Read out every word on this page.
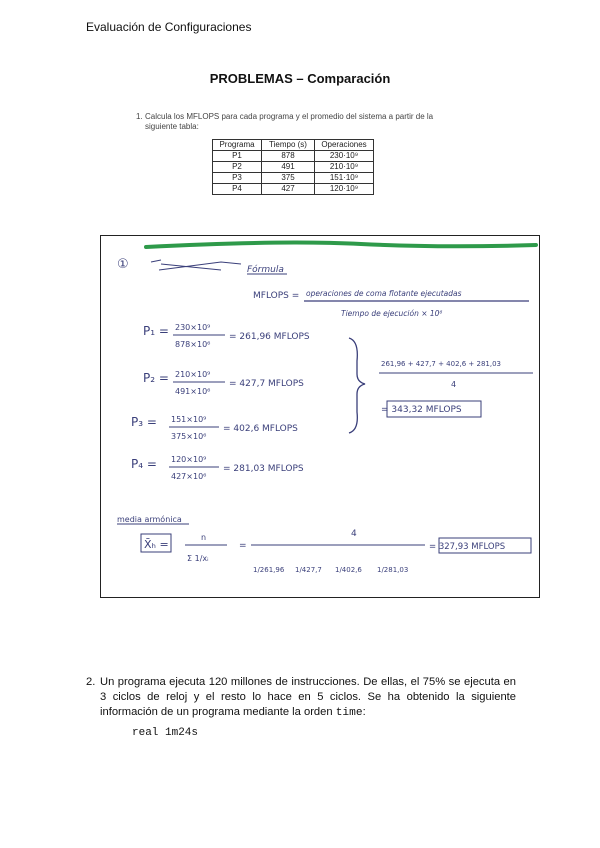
Evaluación de Configuraciones
PROBLEMAS – Comparación
1. Calcula los MFLOPS para cada programa y el promedio del sistema a partir de la siguiente tabla:
Programa	Tiempo (s)	Operaciones
P1	878	230·10⁹
P2	491	210·10⁹
P3	375	151·10⁹
P4	427	120·10⁹
①	Fórmula
MFLOPS = operaciones de coma flotante ejecutadas
Tiempo de ejecución × 10⁶
P₁ = 230×10⁹
878×10⁶
= 261,96 MFLOPS
P₂ = 210×10⁹
491×10⁶
= 427,7 MFLOPS
P₃ = 151×10⁹
375×10⁶
= 402,6 MFLOPS
P₄ = 120×10⁹
427×10⁶
= 281,03 MFLOPS
261,96 + 427,7 + 402,6 + 281,03
4
= 343,32 MFLOPS
media armónica
X̄ₕ =
n
Σ 1/xᵢ
=
4
1/261,96 1/427,7 1/402,6 1/281,03
= 327,93 MFLOPS
2. Un programa ejecuta 120 millones de instrucciones. De ellas, el 75% se ejecuta en 3 ciclos de reloj y el resto lo hace en 5 ciclos. Se ha obtenido la siguiente información de un programa mediante la orden time:
real 1m24s
